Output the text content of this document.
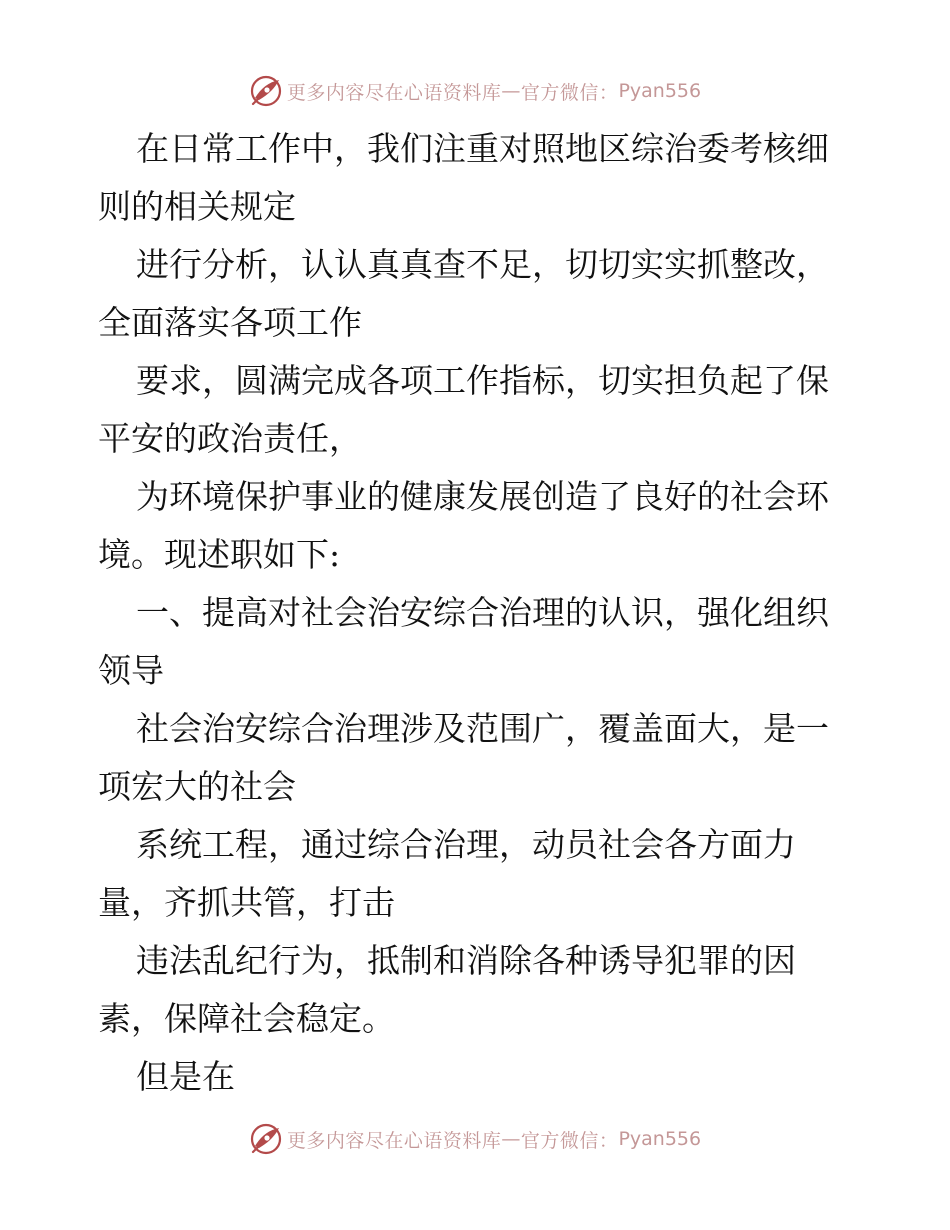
更多内容尽在心语资料库 — 官方微信： Pyan556
在日常工作中，我们注重对照地区综治委考核细
则的相关规定
进行分析，认认真真查不足，切切实实抓整改，
全面落实各项工作
要求，圆满完成各项工作指标，切实担负起了保
平安的政治责任，
为环境保护事业的健康发展创造了良好的社会环
境。现述职如下:
一、提高对社会治安综合治理的认识，强化组织
领导
社会治安综合治理涉及范围广，覆盖面大，是一
项宏大的社会
系统工程，通过综合治理，动员社会各方面力
量，齐抓共管，打击
违法乱纪行为，抵制和消除各种诱导犯罪的因
素，保障社会稳定。
但是在
更多内容尽在心语资料库 — 官方微信： Pyan556
